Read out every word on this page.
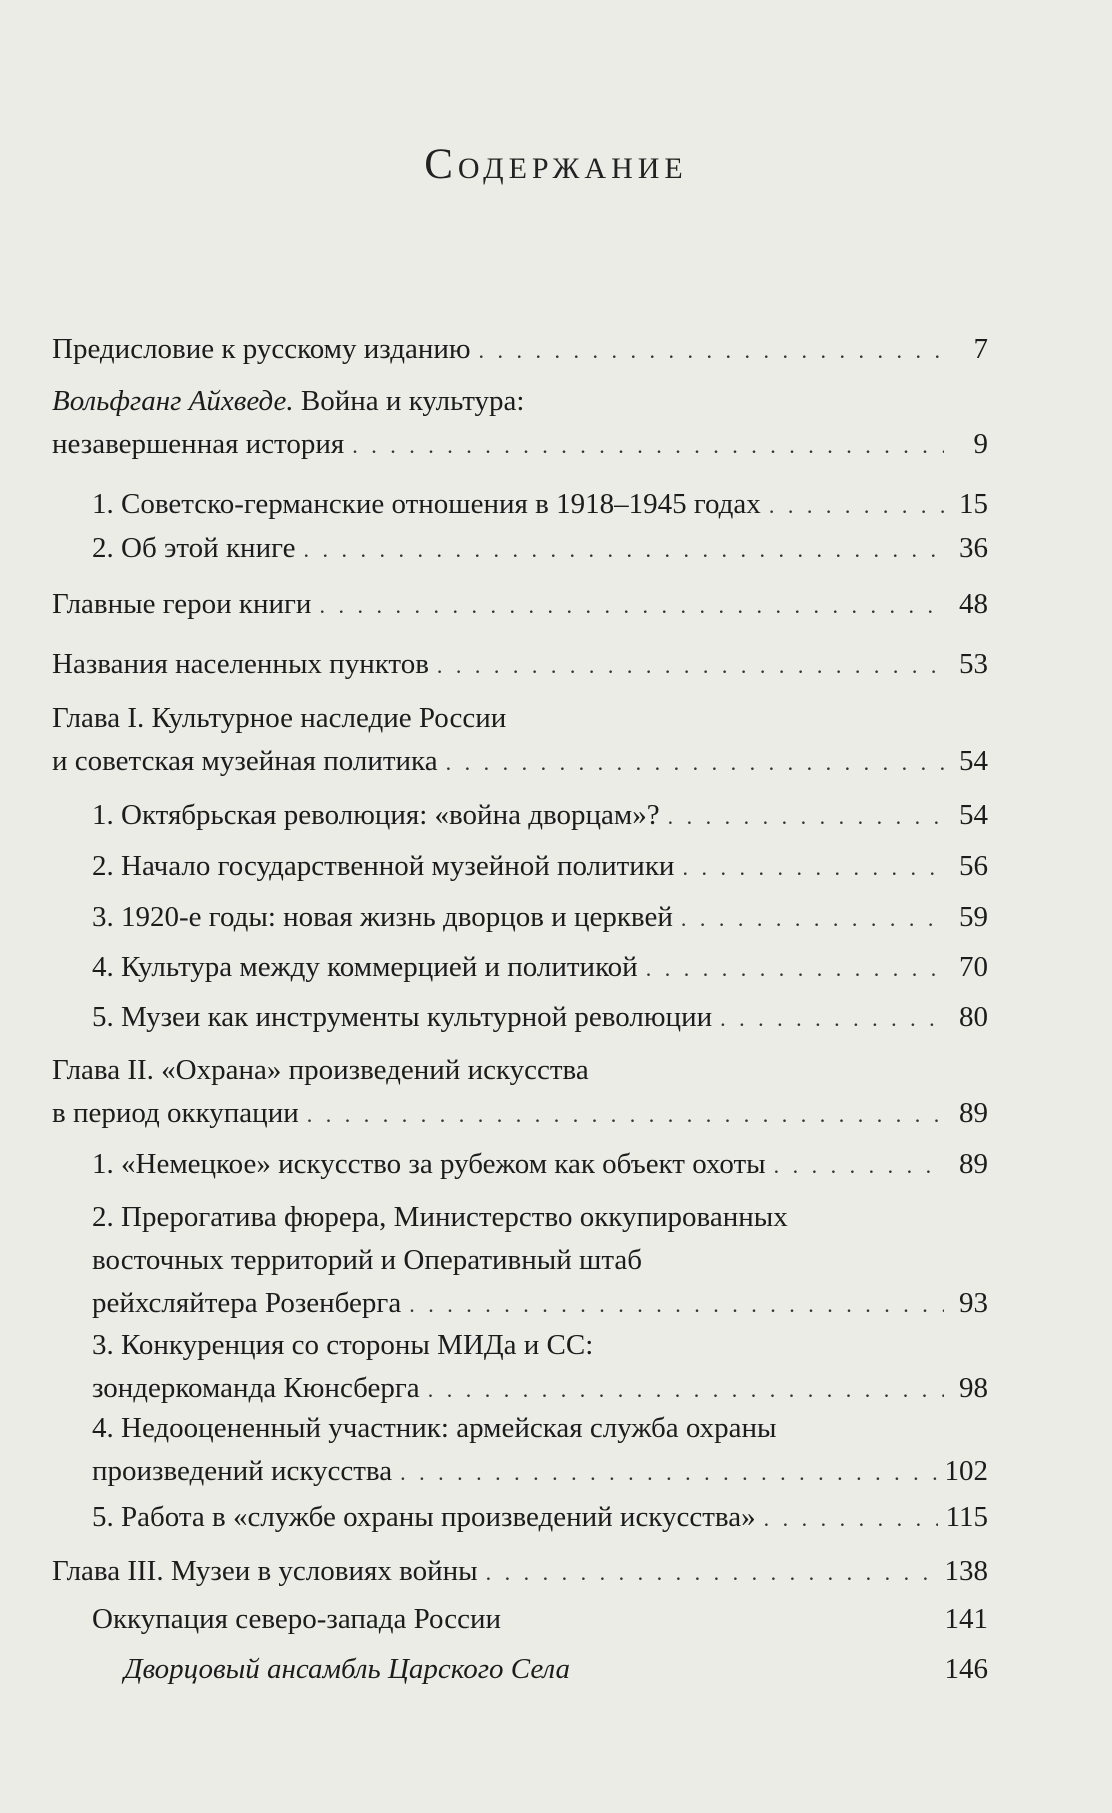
Содержание
Предисловие к русскому изданию . . .	7
Вольфганг Айхведе. Война и культура:
незавершенная история . . .	9
1. Советско-германские отношения в 1918–1945 годах . . .	15
2. Об этой книге . . .	36
Главные герои книги . . .	48
Названия населенных пунктов . . .	53
Глава I. Культурное наследие России
и советская музейная политика . . .	54
1. Октябрьская революция: «война дворцам»? . . .	54
2. Начало государственной музейной политики . . .	56
3. 1920-е годы: новая жизнь дворцов и церквей . . .	59
4. Культура между коммерцией и политикой . . .	70
5. Музеи как инструменты культурной революции . . .	80
Глава II. «Охрана» произведений искусства
в период оккупации . . .	89
1. «Немецкое» искусство за рубежом как объект охоты . . .	89
2. Прерогатива фюрера, Министерство оккупированных
восточных территорий и Оперативный штаб
рейхсляйтера Розенберга . . .	93
3. Конкуренция со стороны МИДа и СС:
зондеркоманда Кюнсберга . . .	98
4. Недооцененный участник: армейская служба охраны
произведений искусства . . .	102
5. Работа в «службе охраны произведений искусства» . . .	115
Глава III. Музеи в условиях войны . . .	138
Оккупация северо-запада России	141
Дворцовый ансамбль Царского Села	146
